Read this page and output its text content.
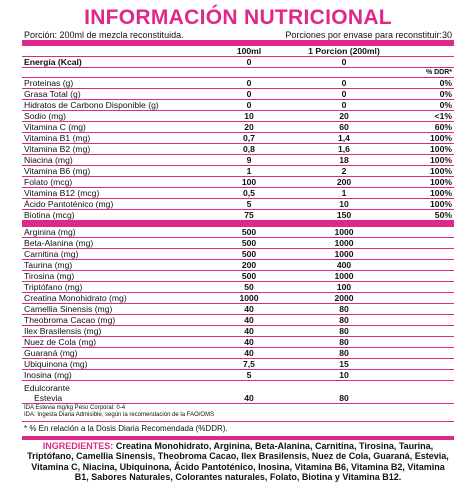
INFORMACIÓN NUTRICIONAL
Porción: 200ml de mezcla reconstituida.	Porciones por envase para reconstituir:30
	100ml	1 Porcion (200ml)	
Energía (Kcal)	0	0	
			% DDR*
Proteinas (g)	0	0	0%
Grasa Total (g)	0	0	0%
Hidratos de Carbono Disponible (g)	0	0	0%
Sodio (mg)	10	20	<1%
Vitamina C (mg)	20	60	60%
Vitamina B1 (mg)	0,7	1,4	100%
Vitamina B2 (mg)	0,8	1,6	100%
Niacina (mg)	9	18	100%
Vitamina B6 (mg)	1	2	100%
Folato (mcg)	100	200	100%
Vitamina B12 (mcg)	0,5	1	100%
Ácido Pantoténico (mg)	5	10	100%
Biotina (mcg)	75	150	50%

Arginina (mg)	500	1000	
Beta-Alanina (mg)	500	1000	
Carnitina (mg)	500	1000	
Taurina (mg)	200	400	
Tirosina (mg)	500	1000	
Triptófano (mg)	50	100	
Creatina Monohidrato (mg)	1000	2000	
Camellia Sinensis (mg)	40	80	
Theobroma Cacao (mg)	40	80	
Ilex Brasilensis (mg)	40	80	
Nuez de Cola (mg)	40	80	
Guaraná (mg)	40	80	
Ubiquinona (mg)	7,5	15	
Inosina (mg)	5	10	

Edulcorante
Estevia	40	80	
IDA Estevia mg/kg Peso Corporal: 0-4
IDA: Ingesta Diaria Admisible, según la recomendación de la FAO/OMS
* % En relación a la Dosis Diaria Recomendada (%DDR).
INGREDIENTES: Creatina Monohidrato, Arginina, Beta-Alanina, Carnitina, Tirosina, Taurina, Triptófano, Camellia Sinensis, Theobroma Cacao, Ilex Brasilensis, Nuez de Cola, Guaraná, Estevia, Vitamina C, Niacina, Ubiquinona, Ácido Pantoténico, Inosina, Vitamina B6, Vitamina B2, Vitamina B1, Sabores Naturales, Colorantes naturales, Folato, Biotina y Vitamina B12.
